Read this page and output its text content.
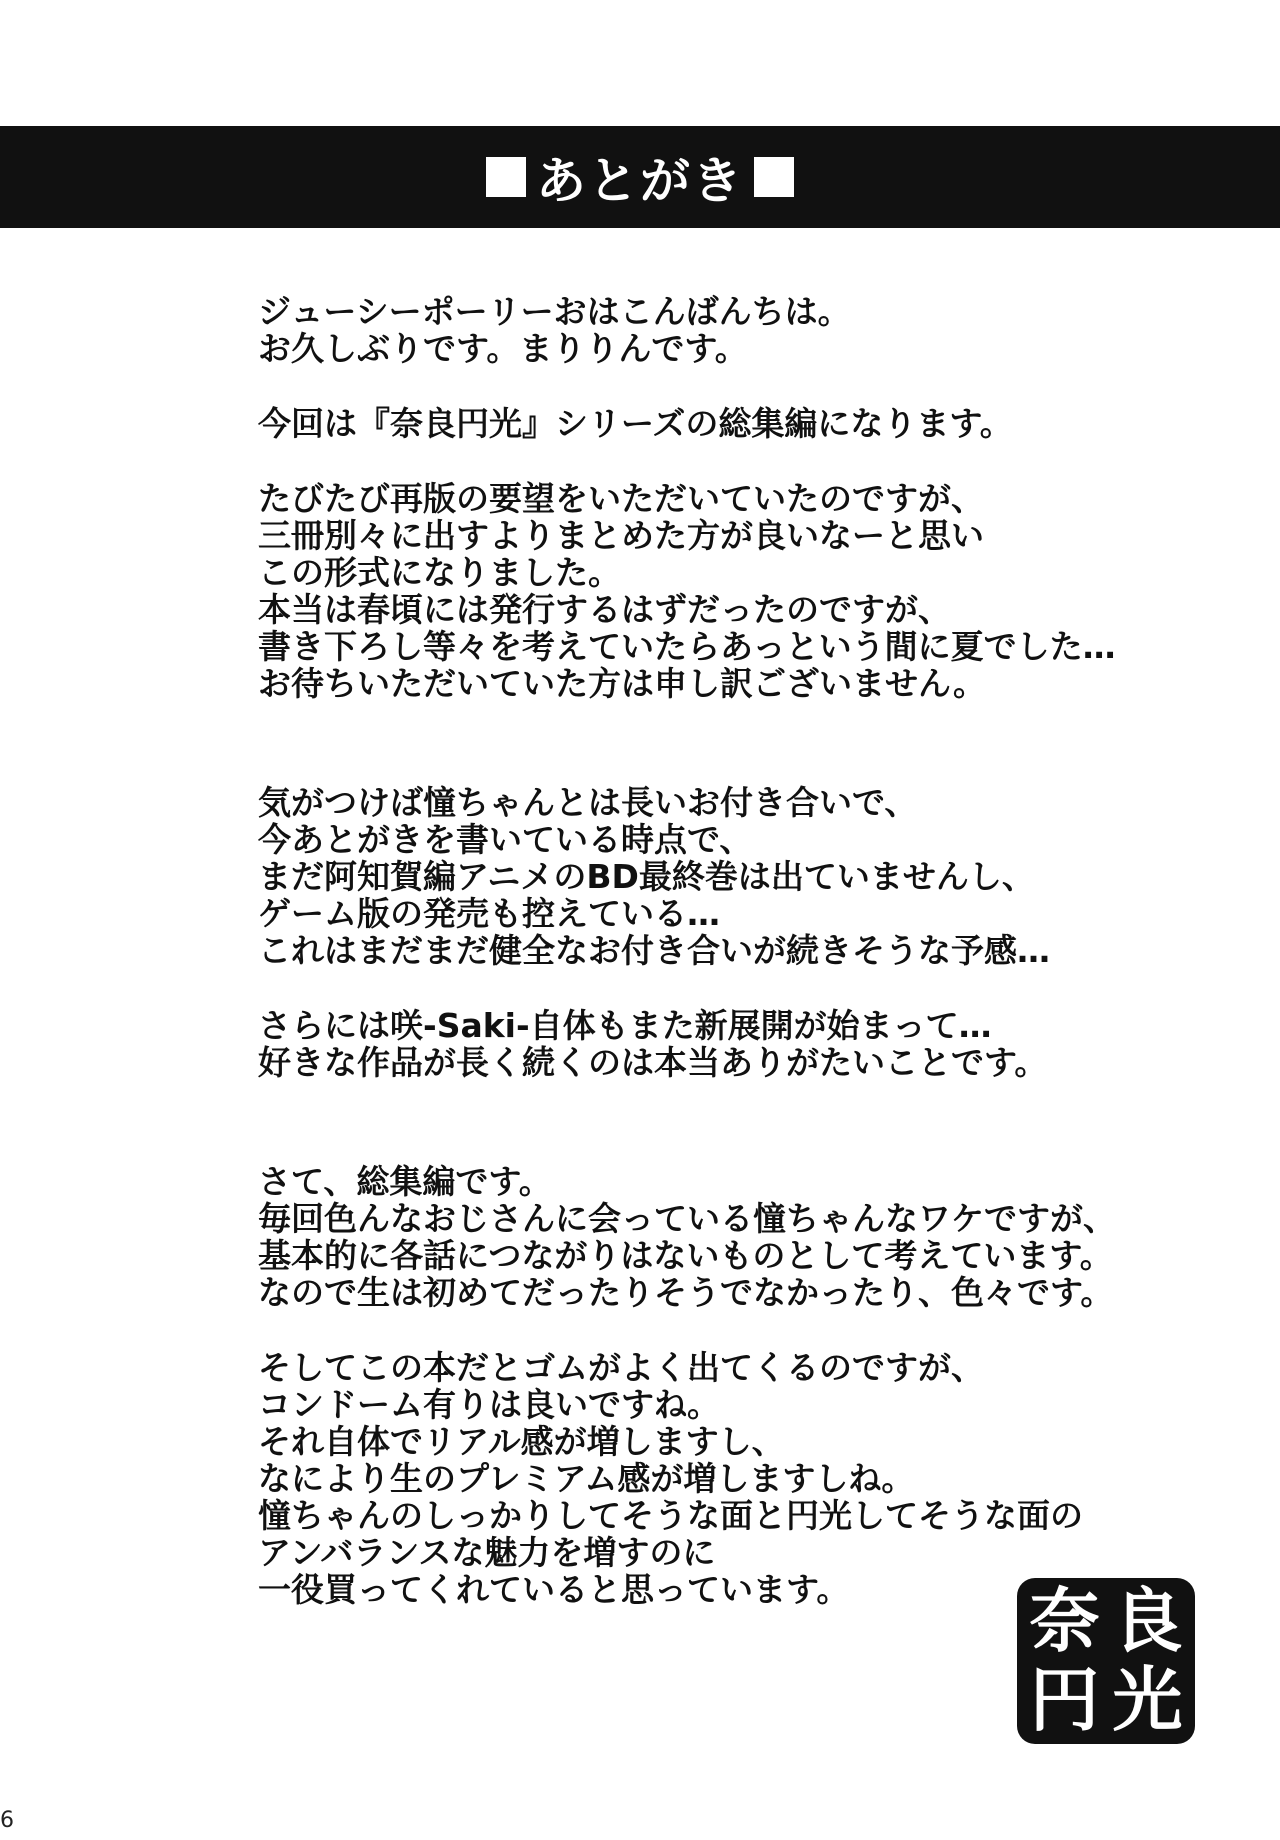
あとがき
ジューシーポーリーおはこんばんちは。
お久しぶりです。まりりんです。
今回は『奈良円光』シリーズの総集編になります。
たびたび再版の要望をいただいていたのですが、
三冊別々に出すよりまとめた方が良いなーと思い
この形式になりました。
本当は春頃には発行するはずだったのですが、
書き下ろし等々を考えていたらあっという間に夏でした…
お待ちいただいていた方は申し訳ございません。
気がつけば憧ちゃんとは長いお付き合いで、
今あとがきを書いている時点で、
まだ阿知賀編アニメのBD最終巻は出ていませんし、
ゲーム版の発売も控えている…
これはまだまだ健全なお付き合いが続きそうな予感…
さらには咲-Saki-自体もまた新展開が始まって…
好きな作品が長く続くのは本当ありがたいことです。
さて、総集編です。
毎回色んなおじさんに会っている憧ちゃんなワケですが、
基本的に各話につながりはないものとして考えています。
なので生は初めてだったりそうでなかったり、色々です。
そしてこの本だとゴムがよく出てくるのですが、
コンドーム有りは良いですね。
それ自体でリアル感が増しますし、
なにより生のプレミアム感が増しますしね。
憧ちゃんのしっかりしてそうな面と円光してそうな面の
アンバランスな魅力を増すのに
一役買ってくれていると思っています。	奈 良
円 光
6
